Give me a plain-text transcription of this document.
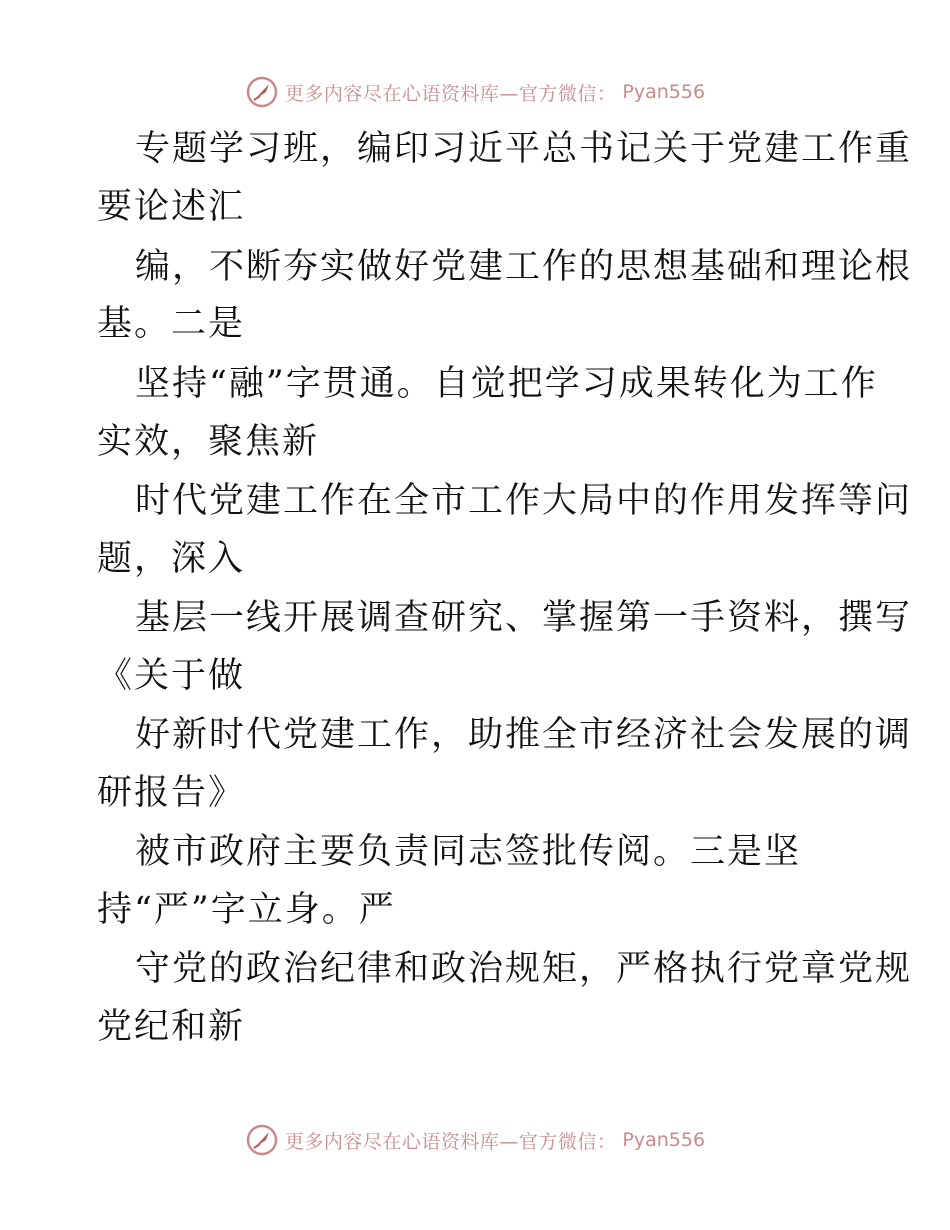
更多内容尽在心语资料库—官方微信： Pyan556
专题学习班，编印习近平总书记关于党建工作重
要论述汇
编，不断夯实做好党建工作的思想基础和理论根
基。二是
坚持“融”字贯通。自觉把学习成果转化为工作
实效，聚焦新
时代党建工作在全市工作大局中的作用发挥等问
题，深入
基层一线开展调查研究、掌握第一手资料，撰写
《关于做
好新时代党建工作，助推全市经济社会发展的调
研报告》
被市政府主要负责同志签批传阅。三是坚
持“严”字立身。严
守党的政治纪律和政治规矩，严格执行党章党规
党纪和新
更多内容尽在心语资料库—官方微信： Pyan556
